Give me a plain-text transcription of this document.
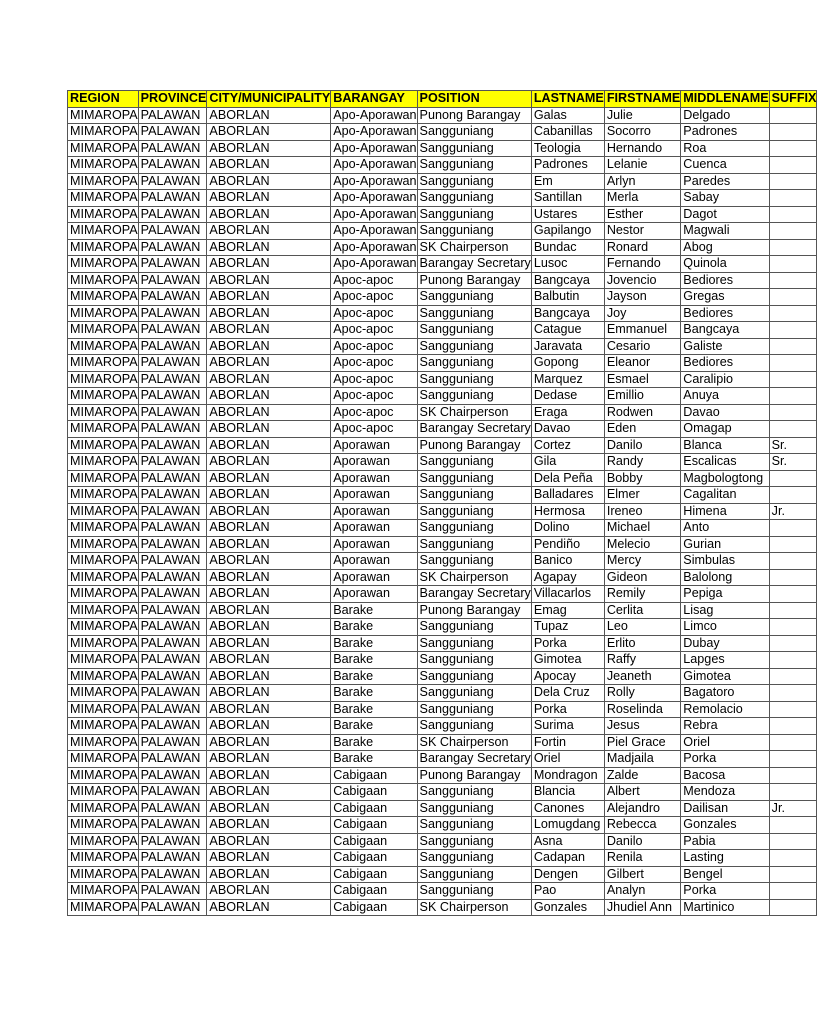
REGION	PROVINCE	CITY/MUNICIPALITY	BARANGAY	POSITION	LASTNAME	FIRSTNAME	MIDDLENAME	SUFFIX
MIMAROPA	PALAWAN	ABORLAN	Apo-Aporawan	Punong Barangay	Galas	Julie	Delgado	
MIMAROPA	PALAWAN	ABORLAN	Apo-Aporawan	Sangguniang	Cabanillas	Socorro	Padrones	
MIMAROPA	PALAWAN	ABORLAN	Apo-Aporawan	Sangguniang	Teologia	Hernando	Roa	
MIMAROPA	PALAWAN	ABORLAN	Apo-Aporawan	Sangguniang	Padrones	Lelanie	Cuenca	
MIMAROPA	PALAWAN	ABORLAN	Apo-Aporawan	Sangguniang	Em	Arlyn	Paredes	
MIMAROPA	PALAWAN	ABORLAN	Apo-Aporawan	Sangguniang	Santillan	Merla	Sabay	
MIMAROPA	PALAWAN	ABORLAN	Apo-Aporawan	Sangguniang	Ustares	Esther	Dagot	
MIMAROPA	PALAWAN	ABORLAN	Apo-Aporawan	Sangguniang	Gapilango	Nestor	Magwali	
MIMAROPA	PALAWAN	ABORLAN	Apo-Aporawan	SK Chairperson	Bundac	Ronard	Abog	
MIMAROPA	PALAWAN	ABORLAN	Apo-Aporawan	Barangay Secretary	Lusoc	Fernando	Quinola	
MIMAROPA	PALAWAN	ABORLAN	Apoc-apoc	Punong Barangay	Bangcaya	Jovencio	Bediores	
MIMAROPA	PALAWAN	ABORLAN	Apoc-apoc	Sangguniang	Balbutin	Jayson	Gregas	
MIMAROPA	PALAWAN	ABORLAN	Apoc-apoc	Sangguniang	Bangcaya	Joy	Bediores	
MIMAROPA	PALAWAN	ABORLAN	Apoc-apoc	Sangguniang	Catague	Emmanuel	Bangcaya	
MIMAROPA	PALAWAN	ABORLAN	Apoc-apoc	Sangguniang	Jaravata	Cesario	Galiste	
MIMAROPA	PALAWAN	ABORLAN	Apoc-apoc	Sangguniang	Gopong	Eleanor	Bediores	
MIMAROPA	PALAWAN	ABORLAN	Apoc-apoc	Sangguniang	Marquez	Esmael	Caralipio	
MIMAROPA	PALAWAN	ABORLAN	Apoc-apoc	Sangguniang	Dedase	Emillio	Anuya	
MIMAROPA	PALAWAN	ABORLAN	Apoc-apoc	SK Chairperson	Eraga	Rodwen	Davao	
MIMAROPA	PALAWAN	ABORLAN	Apoc-apoc	Barangay Secretary	Davao	Eden	Omagap	
MIMAROPA	PALAWAN	ABORLAN	Aporawan	Punong Barangay	Cortez	Danilo	Blanca	Sr.
MIMAROPA	PALAWAN	ABORLAN	Aporawan	Sangguniang	Gila	Randy	Escalicas	Sr.
MIMAROPA	PALAWAN	ABORLAN	Aporawan	Sangguniang	Dela Peña	Bobby	Magbologtong	
MIMAROPA	PALAWAN	ABORLAN	Aporawan	Sangguniang	Balladares	Elmer	Cagalitan	
MIMAROPA	PALAWAN	ABORLAN	Aporawan	Sangguniang	Hermosa	Ireneo	Himena	Jr.
MIMAROPA	PALAWAN	ABORLAN	Aporawan	Sangguniang	Dolino	Michael	Anto	
MIMAROPA	PALAWAN	ABORLAN	Aporawan	Sangguniang	Pendiño	Melecio	Gurian	
MIMAROPA	PALAWAN	ABORLAN	Aporawan	Sangguniang	Banico	Mercy	Simbulas	
MIMAROPA	PALAWAN	ABORLAN	Aporawan	SK Chairperson	Agapay	Gideon	Balolong	
MIMAROPA	PALAWAN	ABORLAN	Aporawan	Barangay Secretary	Villacarlos	Remily	Pepiga	
MIMAROPA	PALAWAN	ABORLAN	Barake	Punong Barangay	Emag	Cerlita	Lisag	
MIMAROPA	PALAWAN	ABORLAN	Barake	Sangguniang	Tupaz	Leo	Limco	
MIMAROPA	PALAWAN	ABORLAN	Barake	Sangguniang	Porka	Erlito	Dubay	
MIMAROPA	PALAWAN	ABORLAN	Barake	Sangguniang	Gimotea	Raffy	Lapges	
MIMAROPA	PALAWAN	ABORLAN	Barake	Sangguniang	Apocay	Jeaneth	Gimotea	
MIMAROPA	PALAWAN	ABORLAN	Barake	Sangguniang	Dela Cruz	Rolly	Bagatoro	
MIMAROPA	PALAWAN	ABORLAN	Barake	Sangguniang	Porka	Roselinda	Remolacio	
MIMAROPA	PALAWAN	ABORLAN	Barake	Sangguniang	Surima	Jesus	Rebra	
MIMAROPA	PALAWAN	ABORLAN	Barake	SK Chairperson	Fortin	Piel Grace	Oriel	
MIMAROPA	PALAWAN	ABORLAN	Barake	Barangay Secretary	Oriel	Madjaila	Porka	
MIMAROPA	PALAWAN	ABORLAN	Cabigaan	Punong Barangay	Mondragon	Zalde	Bacosa	
MIMAROPA	PALAWAN	ABORLAN	Cabigaan	Sangguniang	Blancia	Albert	Mendoza	
MIMAROPA	PALAWAN	ABORLAN	Cabigaan	Sangguniang	Canones	Alejandro	Dailisan	Jr.
MIMAROPA	PALAWAN	ABORLAN	Cabigaan	Sangguniang	Lomugdang	Rebecca	Gonzales	
MIMAROPA	PALAWAN	ABORLAN	Cabigaan	Sangguniang	Asna	Danilo	Pabia	
MIMAROPA	PALAWAN	ABORLAN	Cabigaan	Sangguniang	Cadapan	Renila	Lasting	
MIMAROPA	PALAWAN	ABORLAN	Cabigaan	Sangguniang	Dengen	Gilbert	Bengel	
MIMAROPA	PALAWAN	ABORLAN	Cabigaan	Sangguniang	Pao	Analyn	Porka	
MIMAROPA	PALAWAN	ABORLAN	Cabigaan	SK Chairperson	Gonzales	Jhudiel Ann	Martinico	
